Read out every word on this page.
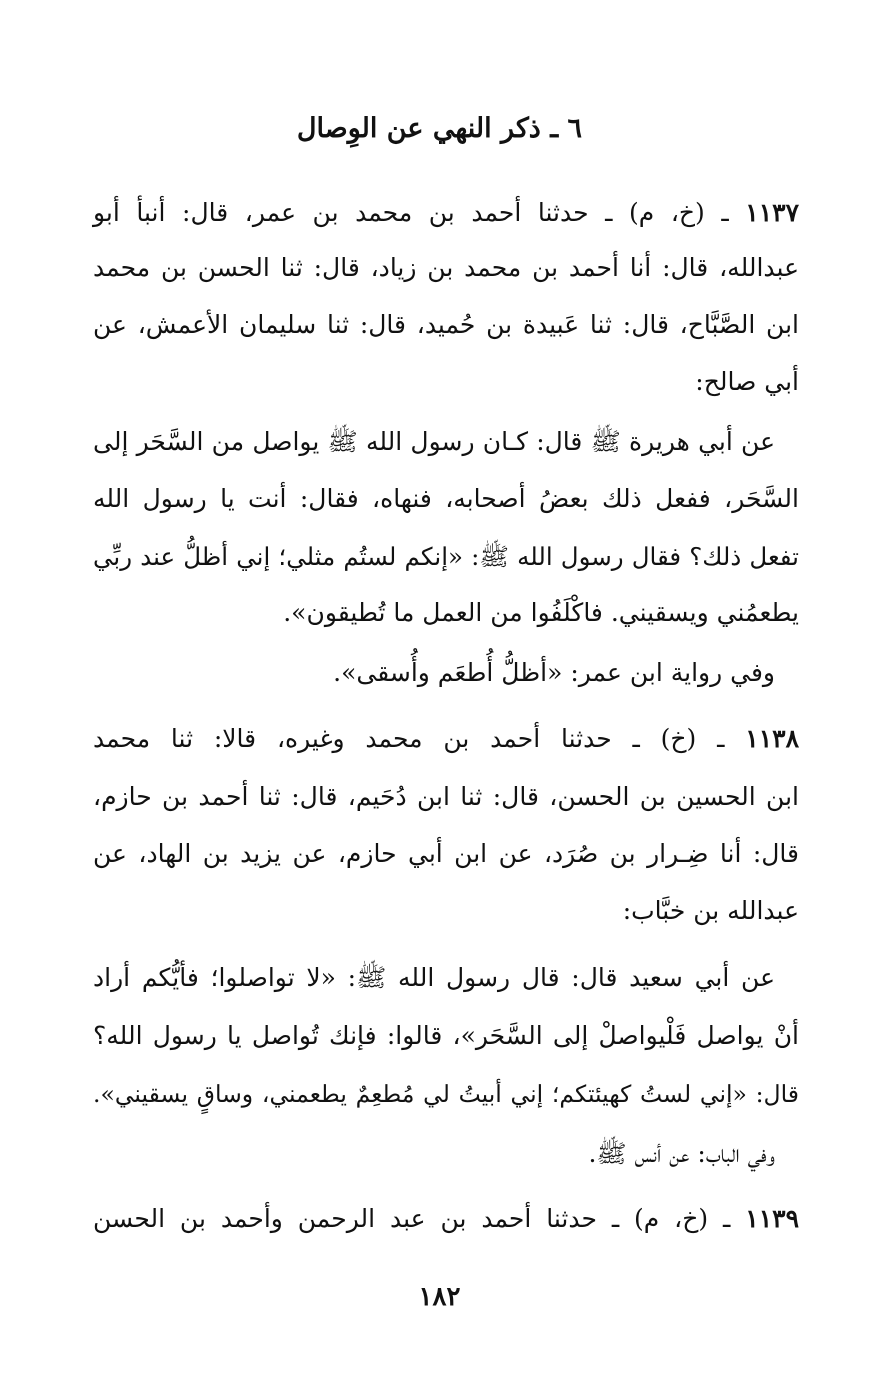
٦ ـ ذكر النهي عن الوِصال
١١٣٧ ـ (خ، م) ـ حدثنا أحمد بن محمد بن عمر، قال: أنبأ أبو
عبدالله، قال: أنا أحمد بن محمد بن زياد، قال: ثنا الحسن بن محمد
ابن الصَّبَّاح، قال: ثنا عَبيدة بن حُميد، قال: ثنا سليمان الأعمش، عن
أبي صالح:
عن أبي هريرة ﷺ قال: كـان رسول الله ﷺ يواصل من السَّحَر إلى
السَّحَر، ففعل ذلك بعضُ أصحابه، فنهاه، فقال: أنت يا رسول الله
تفعل ذلك؟ فقال رسول الله ﷺ: «إنكم لستُم مثلي؛ إني أظلُّ عند ربِّي
يطعمُني ويسقيني. فاكْلَفُوا من العمل ما تُطيقون».
وفي رواية ابن عمر: «أظلُّ أُطعَم وأُسقى».
١١٣٨ ـ (خ) ـ حدثنا أحمد بن محمد وغيره، قالا: ثنا محمد
ابن الحسين بن الحسن، قال: ثنا ابن دُحَيم، قال: ثنا أحمد بن حازم،
قال: أنا ضِـرار بن صُرَد، عن ابن أبي حازم، عن يزيد بن الهاد، عن
عبدالله بن خبَّاب:
عن أبي سعيد قال: قال رسول الله ﷺ: «لا تواصلوا؛ فأيُّكم أراد
أنْ يواصل فَلْيواصلْ إلى السَّحَر»، قالوا: فإنك تُواصل يا رسول الله؟
قال: «إني لستُ كهيئتكم؛ إني أبيتُ لي مُطعِمٌ يطعمني، وساقٍ يسقيني».
وفي الباب: عن أنس ﷺ.
١١٣٩ ـ (خ، م) ـ حدثنا أحمد بن عبد الرحمن وأحمد بن الحسن
١٨٢
